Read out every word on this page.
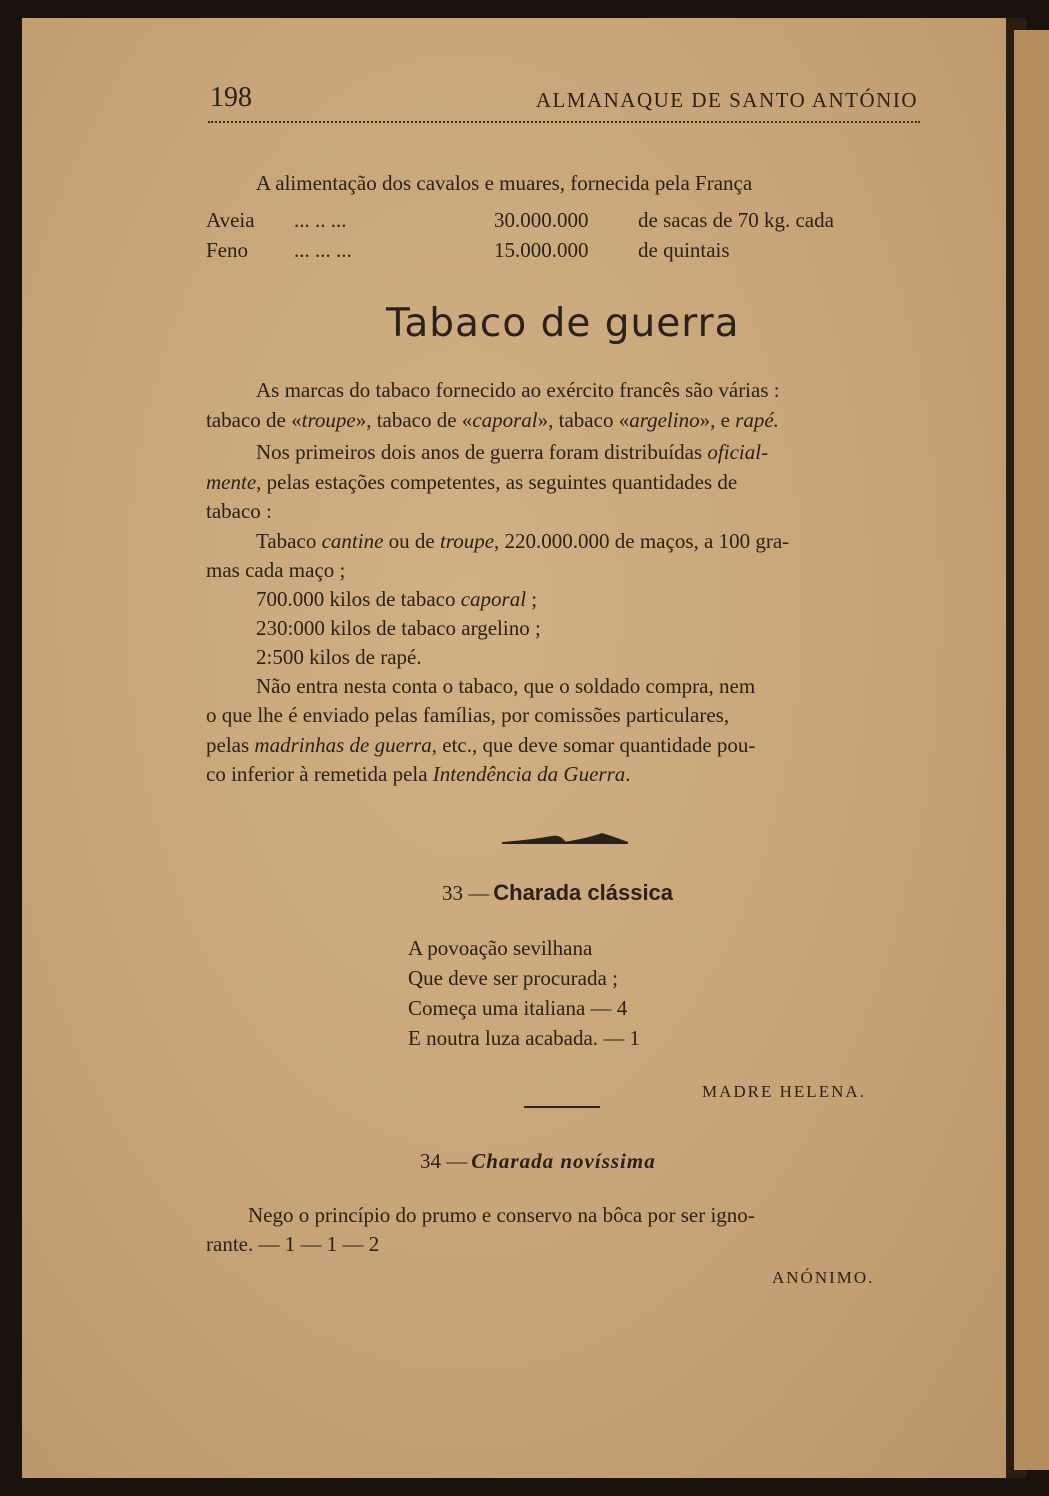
198	ALMANAQUE DE SANTO ANTÓNIO
A alimentação dos cavalos e muares, fornecida pela França
Aveia ... .. ...	30.000.000 de sacas de 70 kg. cada
Feno ... ... ...	15.000.000 de quintais
Tabaco de guerra
As marcas do tabaco fornecido ao exército francês são várias :
tabaco de «troupe», tabaco de «caporal», tabaco «argelino», e rapé.
Nos primeiros dois anos de guerra foram distribuídas oficial-
mente, pelas estações competentes, as seguintes quantidades de
tabaco :
Tabaco cantine ou de troupe, 220.000.000 de maços, a 100 gra-
mas cada maço ;
700.000 kilos de tabaco caporal ;
230:000 kilos de tabaco argelino ;
2:500 kilos de rapé.
Não entra nesta conta o tabaco, que o soldado compra, nem
o que lhe é enviado pelas famílias, por comissões particulares,
pelas madrinhas de guerra, etc., que deve somar quantidade pou-
co inferior à remetida pela Intendência da Guerra.
33 — Charada clássica
A povoação sevilhana
Que deve ser procurada ;
Começa uma italiana — 4
E noutra luza acabada. — 1
MADRE HELENA.
34 — Charada novíssima
Nego o princípio do prumo e conservo na bôca por ser igno-
rante. — 1 — 1 — 2
ANÓNIMO.
